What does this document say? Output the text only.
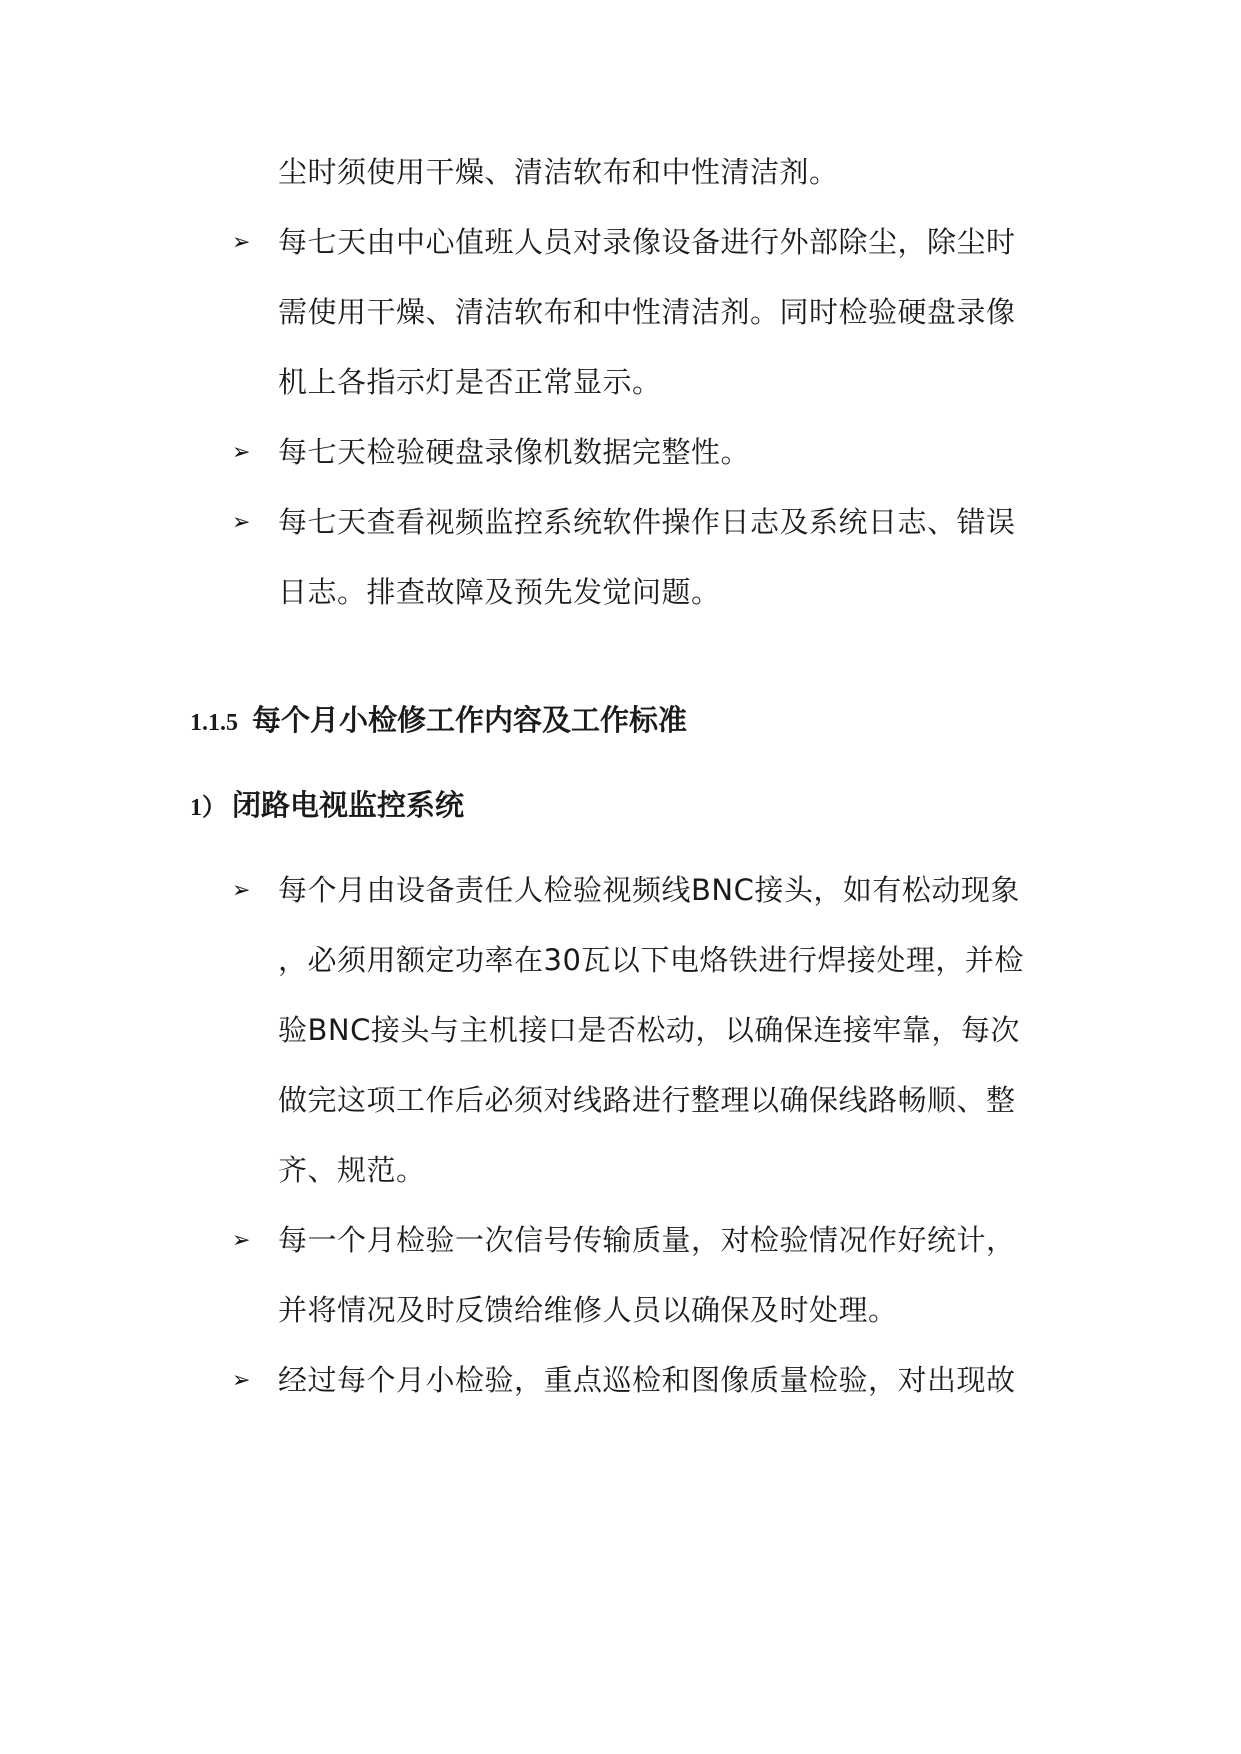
尘时须使用干燥、清洁软布和中性清洁剂。
➢ 每七天由中心值班人员对录像设备进行外部除尘，除尘时
需使用干燥、清洁软布和中性清洁剂。同时检验硬盘录像
机上各指示灯是否正常显示。
➢ 每七天检验硬盘录像机数据完整性。
➢ 每七天查看视频监控系统软件操作日志及系统日志、错误
日志。排查故障及预先发觉问题。
1.1.5 每个月小检修工作内容及工作标准
1） 闭路电视监控系统
➢ 每个月由设备责任人检验视频线BNC接头，如有松动现象
，必须用额定功率在30瓦以下电烙铁进行焊接处理，并检
验BNC接头与主机接口是否松动，以确保连接牢靠，每次
做完这项工作后必须对线路进行整理以确保线路畅顺、整
齐、规范。
➢ 每一个月检验一次信号传输质量，对检验情况作好统计，
并将情况及时反馈给维修人员以确保及时处理。
➢ 经过每个月小检验，重点巡检和图像质量检验，对出现故
